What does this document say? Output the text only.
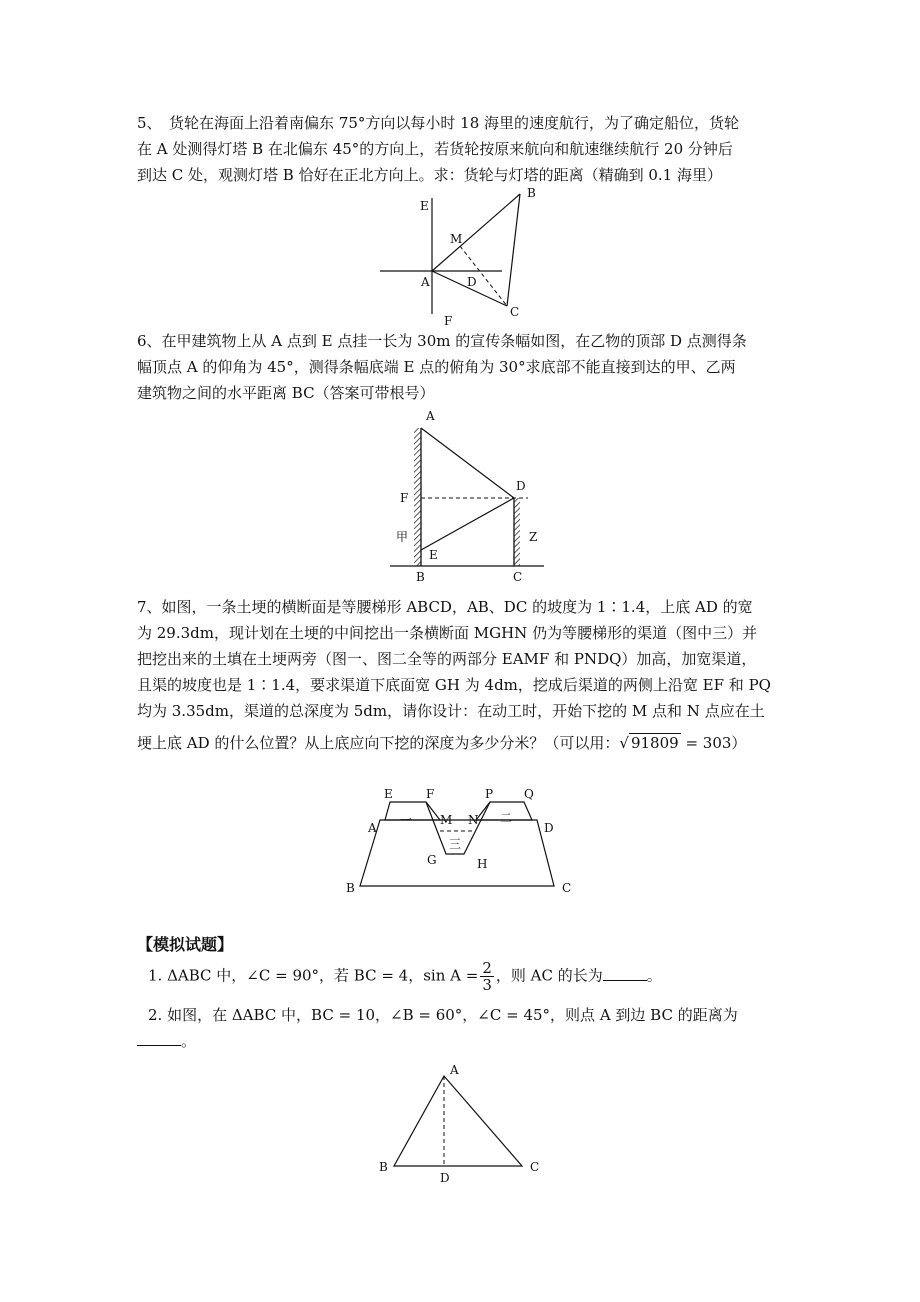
5、　货轮在海面上沿着南偏东 75°方向以每小时 18 海里的速度航行，为了确定船位，货轮
在 A 处测得灯塔 B 在北偏东 45°的方向上，若货轮按原来航向和航速继续航行 20 分钟后
到达 C 处，观测灯塔 B 恰好在正北方向上。求：货轮与灯塔的距离（精确到 0.1 海里）
E
M
A	D
C
B
F
6、在甲建筑物上从 A 点到 E 点挂一长为 30m 的宣传条幅如图，在乙物的顶部 D 点测得条
幅顶点 A 的仰角为 45°，测得条幅底端 E 点的俯角为 30°求底部不能直接到达的甲、乙两
建筑物之间的水平距离 BC（答案可带根号）
A
F
D
甲
E
Z
B	C
7、如图，一条土埂的横断面是等腰梯形 ABCD，AB、DC 的坡度为 1∶1.4，上底 AD 的宽
为 29.3dm，现计划在土埂的中间挖出一条横断面 MGHN 仍为等腰梯形的渠道（图中三）并
把挖出来的土填在土埂两旁（图一、图二全等的两部分 EAMF 和 PNDQ）加高，加宽渠道，
且渠的坡度也是 1∶1.4，要求渠道下底面宽 GH 为 4dm，挖成后渠道的两侧上沿宽 EF 和 PQ
均为 3.35dm，渠道的总深度为 5dm，请你设计：在动工时，开始下挖的 M 点和 N 点应在土
埂上底 AD 的什么位置？从上底应向下挖的深度为多少分米？（可以用：√ 91809 = 303）
E	F	P	Q
A
一 M N 二
D
三
G	H
B	C

【模拟试题】

1. ΔABC 中，∠C = 90°，若 BC = 4，$\sin A = \frac{2}{3}$ ，则 AC 的长为	。

2. 如图，在 ΔABC 中，BC = 10，∠B = 60°，∠C = 45°，则点 A 到边 BC 的距离为

。

A
B	C
D
